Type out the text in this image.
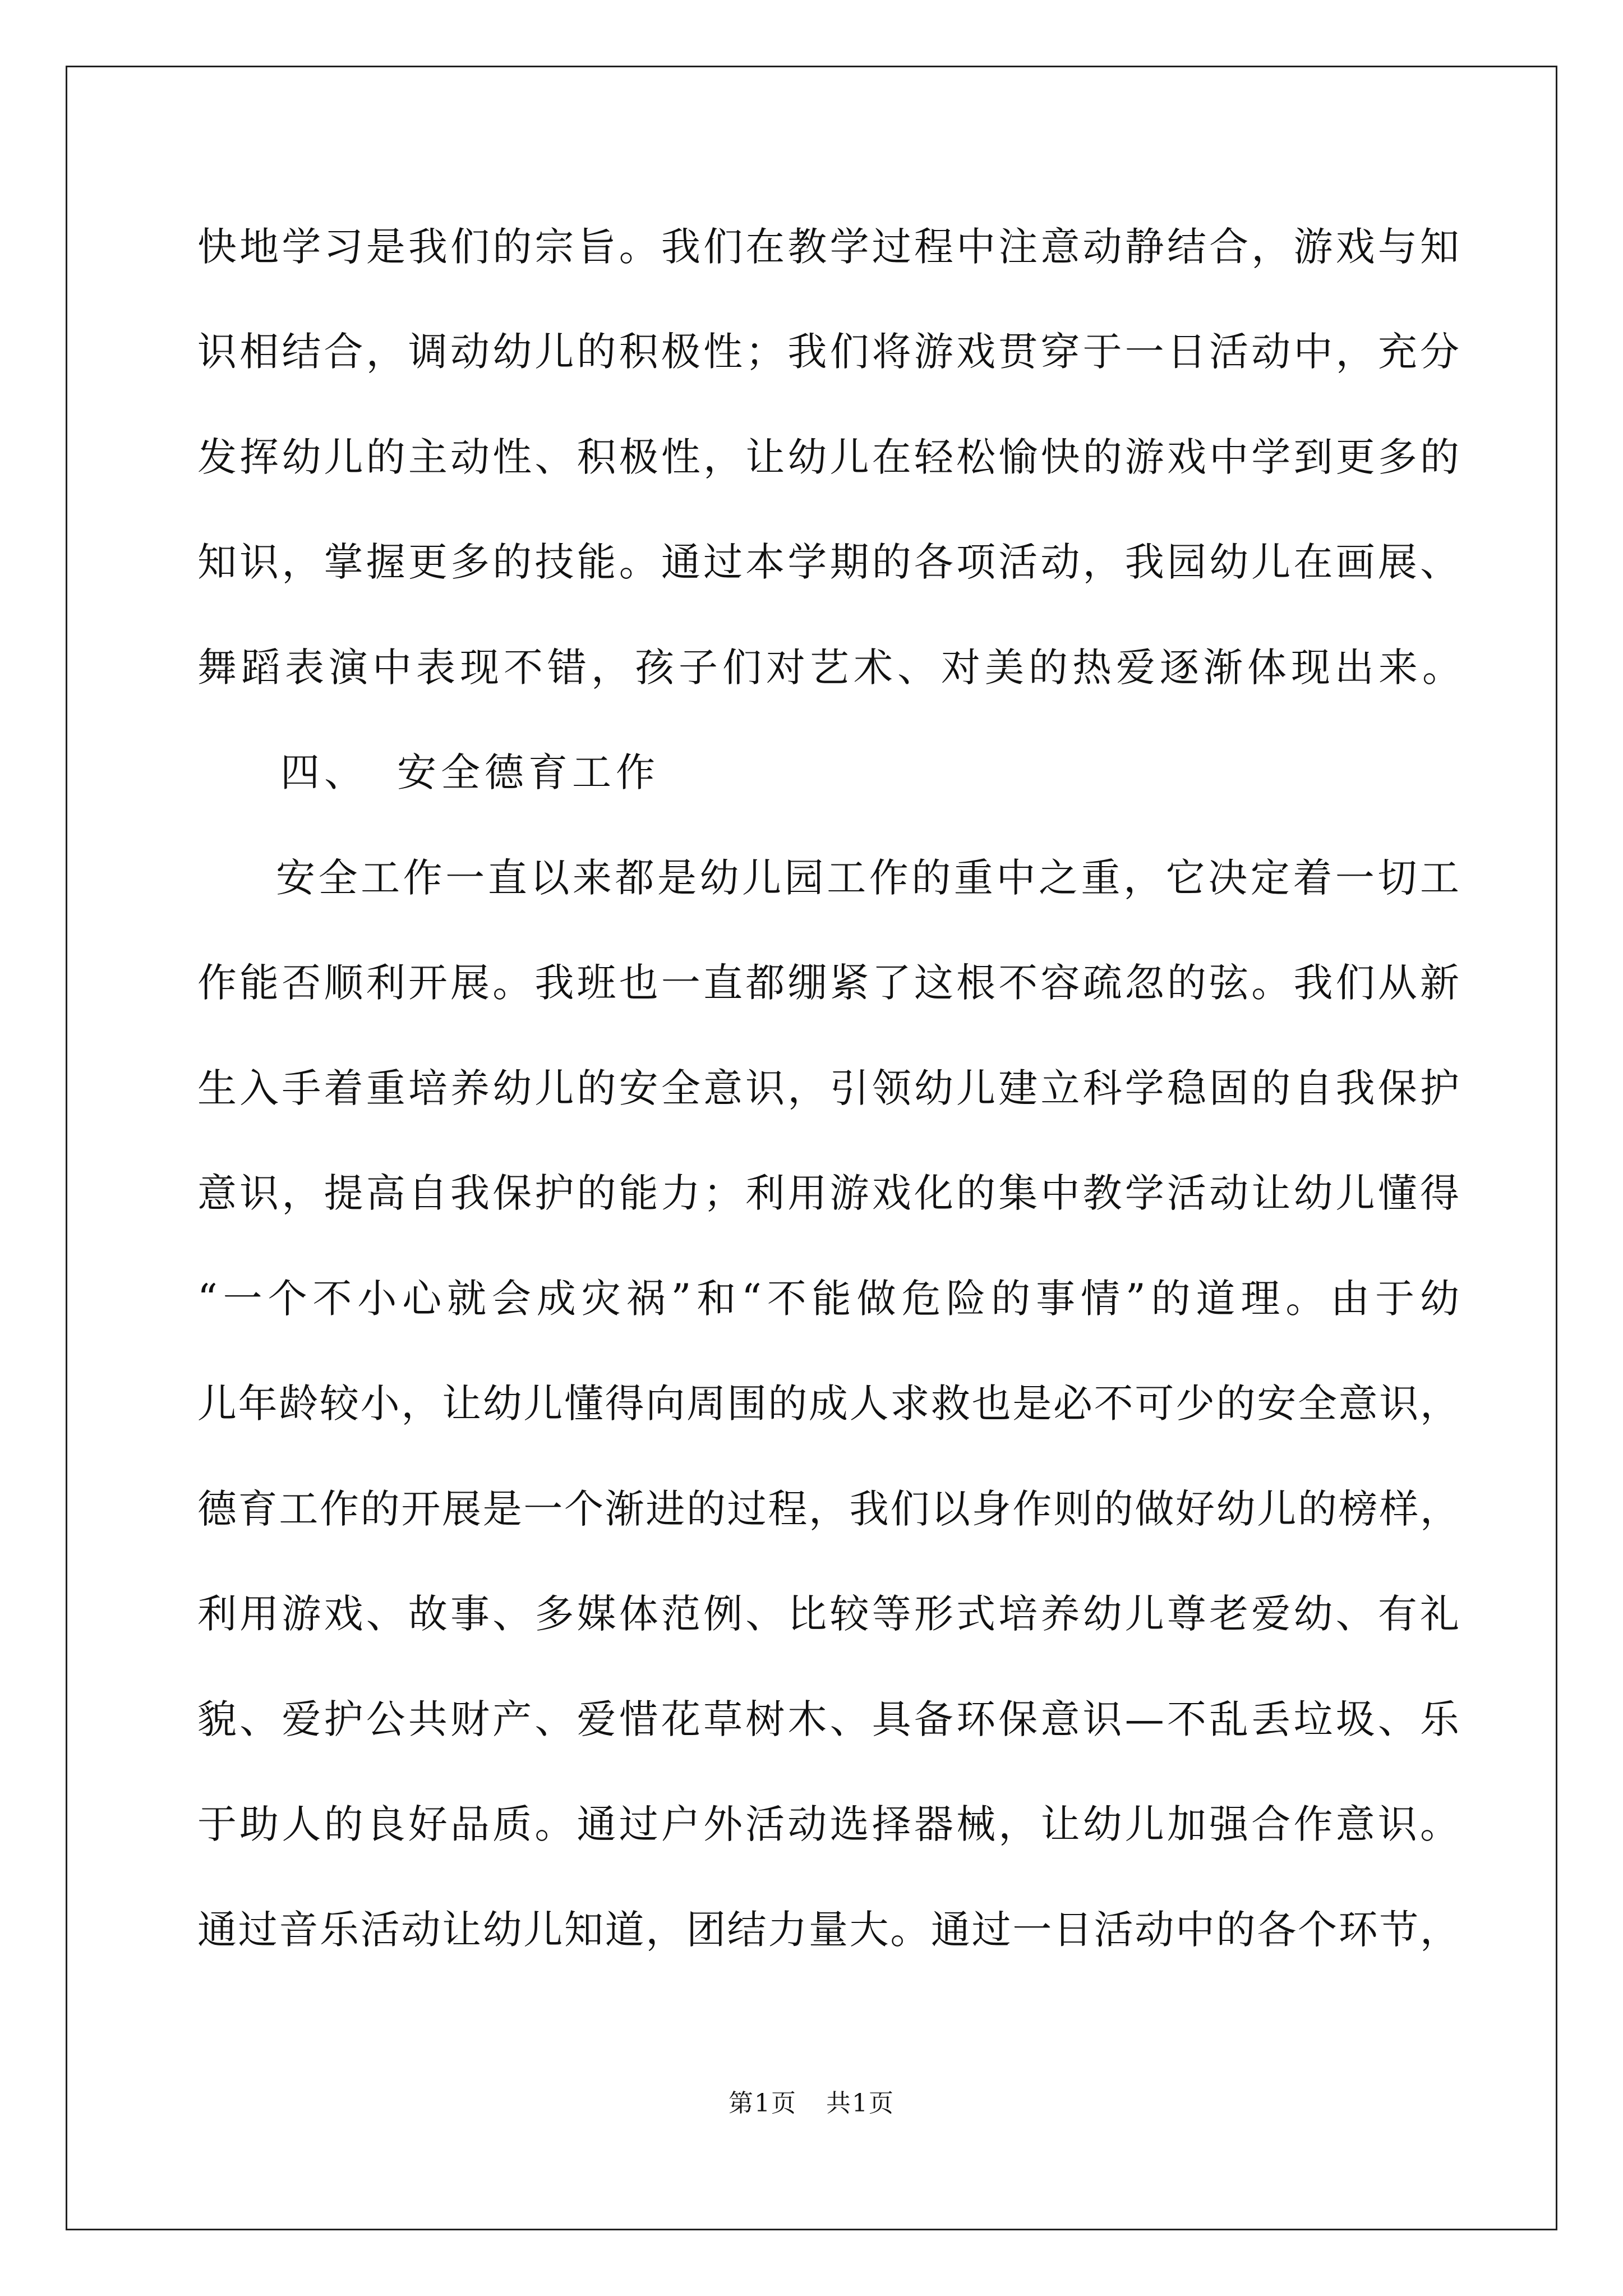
快地学习是我们的宗旨。我们在教学过程中注意动静结合，游戏与知
识相结合，调动幼儿的积极性；我们将游戏贯穿于一日活动中，充分
发挥幼儿的主动性、积极性，让幼儿在轻松愉快的游戏中学到更多的
知识，掌握更多的技能。通过本学期的各项活动，我园幼儿在画展、
舞蹈表演中表现不错，孩子们对艺术、对美的热爱逐渐体现出来。
四、 安全德育工作
安全工作一直以来都是幼儿园工作的重中之重，它决定着一切工
作能否顺利开展。我班也一直都绷紧了这根不容疏忽的弦。我们从新
生入手着重培养幼儿的安全意识，引领幼儿建立科学稳固的自我保护
意识，提高自我保护的能力；利用游戏化的集中教学活动让幼儿懂得
“一个不小心就会成灾祸”和“不能做危险的事情”的道理。由于幼
儿年龄较小，让幼儿懂得向周围的成人求救也是必不可少的安全意识，
德育工作的开展是一个渐进的过程，我们以身作则的做好幼儿的榜样，
利用游戏、故事、多媒体范例、比较等形式培养幼儿尊老爱幼、有礼
貌、爱护公共财产、爱惜花草树木、具备环保意识—不乱丢垃圾、乐
于助人的良好品质。通过户外活动选择器械，让幼儿加强合作意识。
通过音乐活动让幼儿知道，团结力量大。通过一日活动中的各个环节，
第1页 共1页
